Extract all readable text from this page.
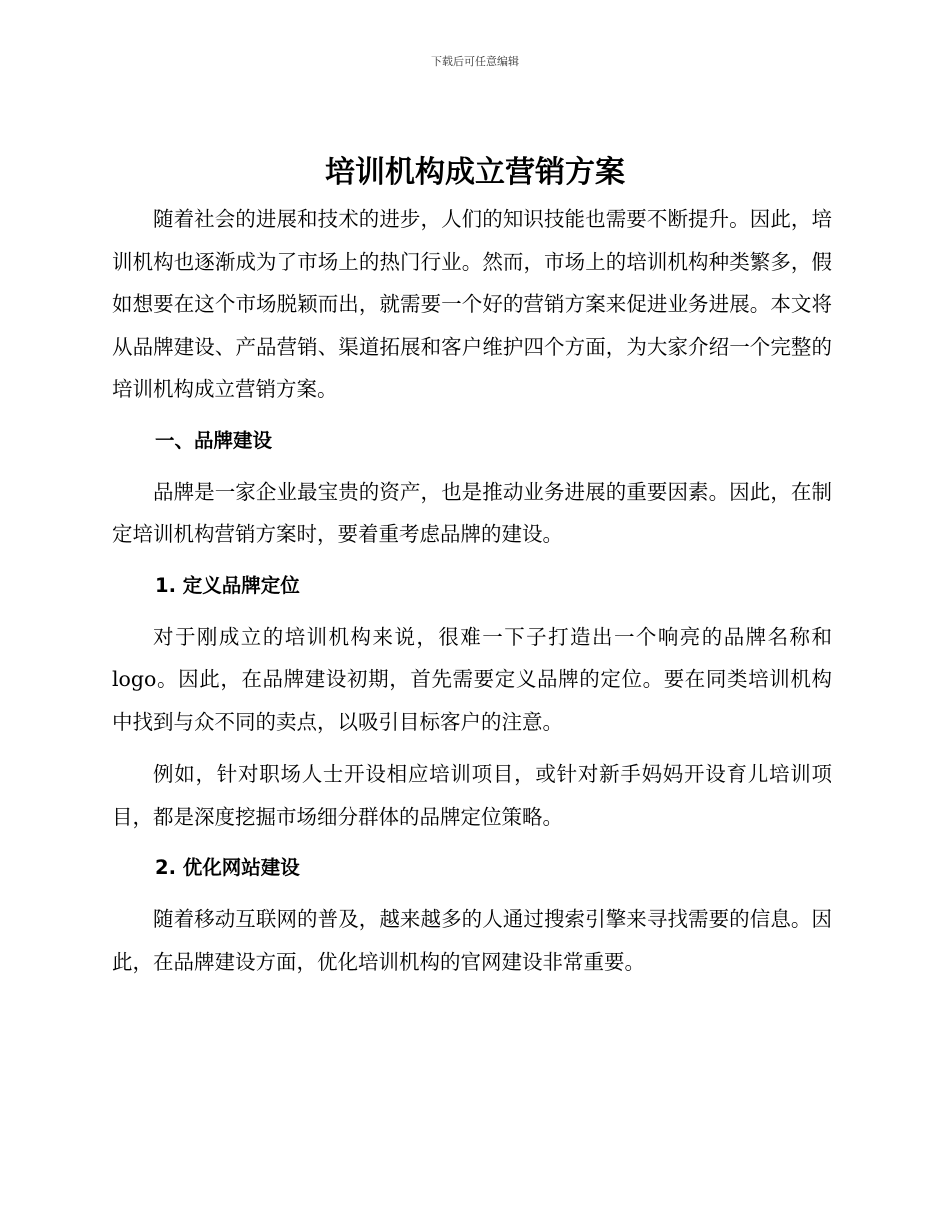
下载后可任意编辑
培训机构成立营销方案

随着社会的进展和技术的进步，人们的知识技能也需要不断提升。因此，培训机构也逐渐成为了市场上的热门行业。然而，市场上的培训机构种类繁多，假如想要在这个市场脱颖而出，就需要一个好的营销方案来促进业务进展。本文将从品牌建设、产品营销、渠道拓展和客户维护四个方面，为大家介绍一个完整的培训机构成立营销方案。

一、品牌建设

品牌是一家企业最宝贵的资产，也是推动业务进展的重要因素。因此，在制定培训机构营销方案时，要着重考虑品牌的建设。

1. 定义品牌定位

对于刚成立的培训机构来说，很难一下子打造出一个响亮的品牌名称和logo。因此，在品牌建设初期，首先需要定义品牌的定位。要在同类培训机构中找到与众不同的卖点，以吸引目标客户的注意。

例如，针对职场人士开设相应培训项目，或针对新手妈妈开设育儿培训项目，都是深度挖掘市场细分群体的品牌定位策略。

2. 优化网站建设

随着移动互联网的普及，越来越多的人通过搜索引擎来寻找需要的信息。因此，在品牌建设方面，优化培训机构的官网建设非常重要。
